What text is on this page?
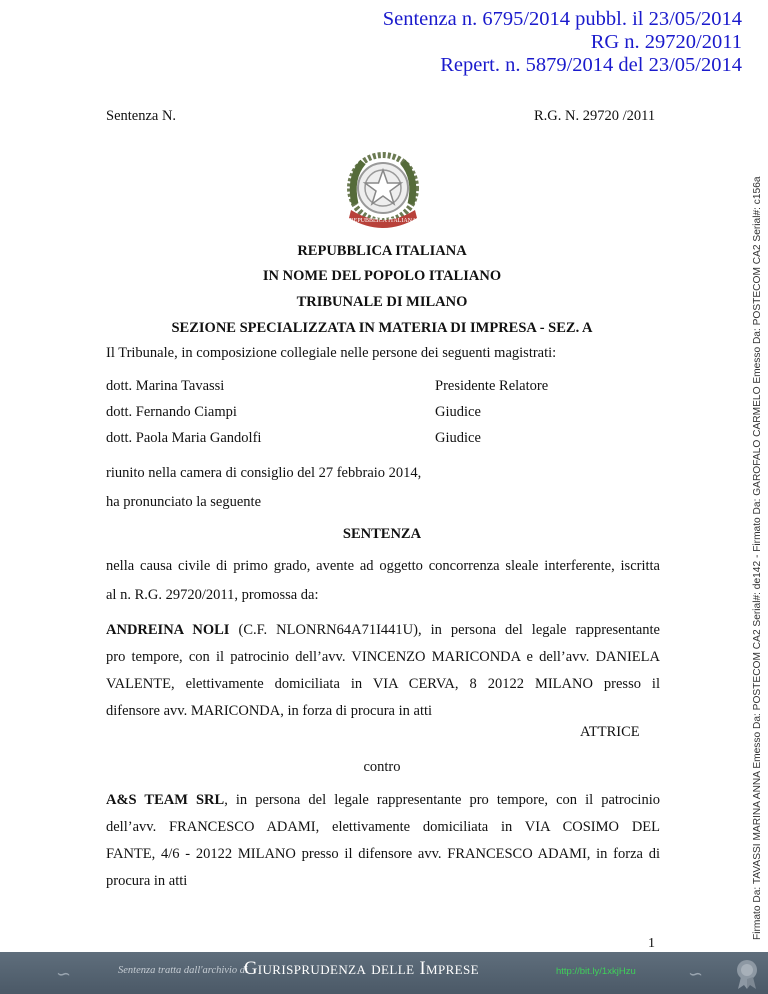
Sentenza n. 6795/2014 pubbl. il 23/05/2014
RG n. 29720/2011
Repert. n. 5879/2014 del 23/05/2014
Firmato Da: TAVASSI MARINA ANNA Emesso Da: POSTECOM CA2 Serial#: de142 - Firmato Da: GAROFALO CARMELO Emesso Da: POSTECOM CA2 Serial#: c156a
Sentenza N.	R.G. N. 29720 /2011
REPUBBLICA ITALIANA
REPUBBLICA ITALIANA
IN NOME DEL POPOLO ITALIANO
TRIBUNALE DI MILANO
SEZIONE SPECIALIZZATA IN MATERIA DI IMPRESA - SEZ. A
Il Tribunale, in composizione collegiale nelle persone dei seguenti magistrati:
dott. Marina Tavassi	Presidente Relatore
dott. Fernando Ciampi	Giudice
dott. Paola Maria Gandolfi	Giudice
riunito nella camera di consiglio del 27 febbraio 2014,
ha pronunciato la seguente
SENTENZA
nella causa civile di primo grado, avente ad oggetto concorrenza sleale interferente, iscritta
al n. R.G. 29720/2011, promossa da:
ANDREINA NOLI (C.F. NLONRN64A71I441U), in persona del legale rappresentante
pro tempore, con il patrocinio dell’avv. VINCENZO MARICONDA e dell’avv. DANIELA
VALENTE, elettivamente domiciliata in VIA CERVA, 8 20122 MILANO presso il
difensore avv. MARICONDA, in forza di procura in atti
ATTRICE
contro
A&S TEAM SRL, in persona del legale rappresentante pro tempore, con il patrocinio
dell’avv. FRANCESCO ADAMI, elettivamente domiciliata in VIA COSIMO DEL
FANTE, 4/6 - 20122 MILANO presso il difensore avv. FRANCESCO ADAMI, in forza di
procura in atti
1
∽	Sentenza tratta dall'archivio di
Giurisprudenza delle Imprese	http://bit.ly/1xkjHzu	∽
